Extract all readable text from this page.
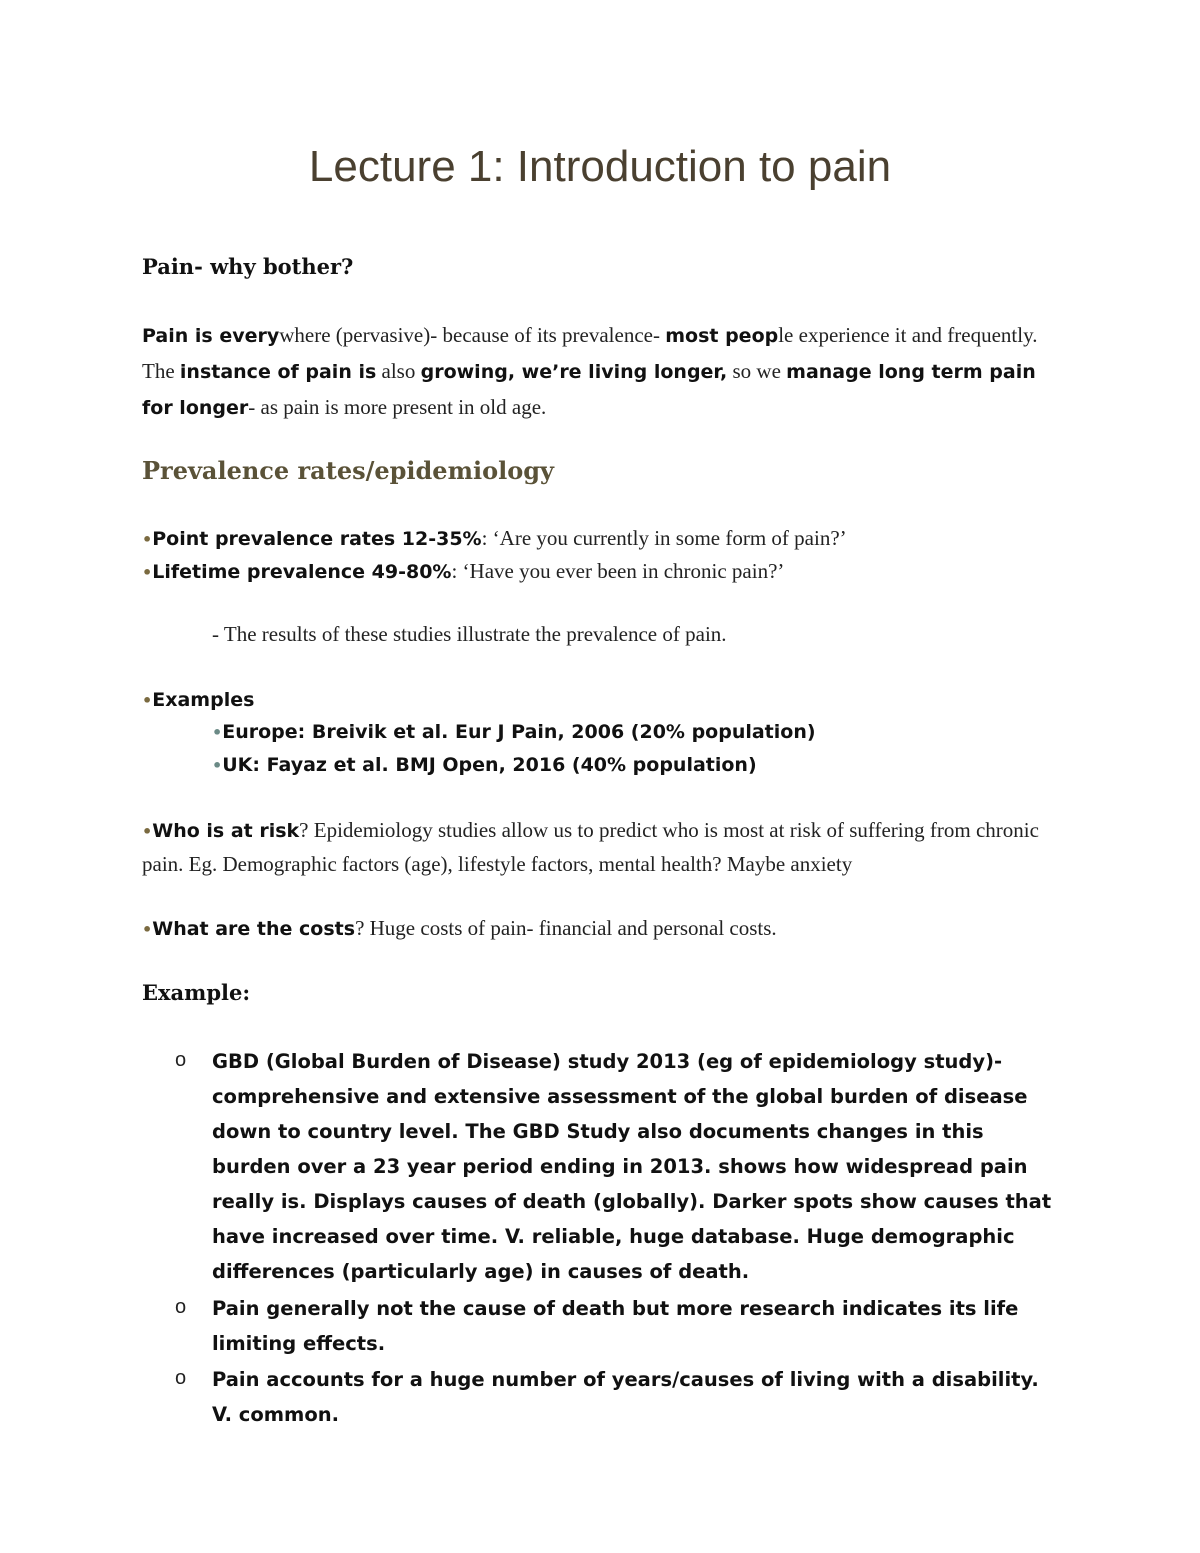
Lecture 1: Introduction to pain
Pain- why bother?

Pain is everywhere (pervasive)- because of its prevalence- most people experience it and frequently. The instance of pain is also growing, we’re living longer, so we manage long term pain for longer- as pain is more present in old age.

Prevalence rates/epidemiology

•Point prevalence rates 12-35%: ‘Are you currently in some form of pain?’

•Lifetime prevalence 49-80%: ‘Have you ever been in chronic pain?’

- The results of these studies illustrate the prevalence of pain.

•Examples

•Europe: Breivik et al. Eur J Pain, 2006 (20% population)

•UK: Fayaz et al. BMJ Open, 2016 (40% population)

•Who is at risk? Epidemiology studies allow us to predict who is most at risk of suffering from chronic pain. Eg. Demographic factors (age), lifestyle factors, mental health? Maybe anxiety

•What are the costs? Huge costs of pain- financial and personal costs.

Example:
o GBD (Global Burden of Disease) study 2013 (eg of epidemiology study)- comprehensive and extensive assessment of the global burden of disease down to country level. The GBD Study also documents changes in this burden over a 23 year period ending in 2013. shows how widespread pain really is. Displays causes of death (globally). Darker spots show causes that have increased over time. V. reliable, huge database. Huge demographic differences (particularly age) in causes of death.

o Pain generally not the cause of death but more research indicates its life limiting effects.

o Pain accounts for a huge number of years/causes of living with a disability. V. common.
